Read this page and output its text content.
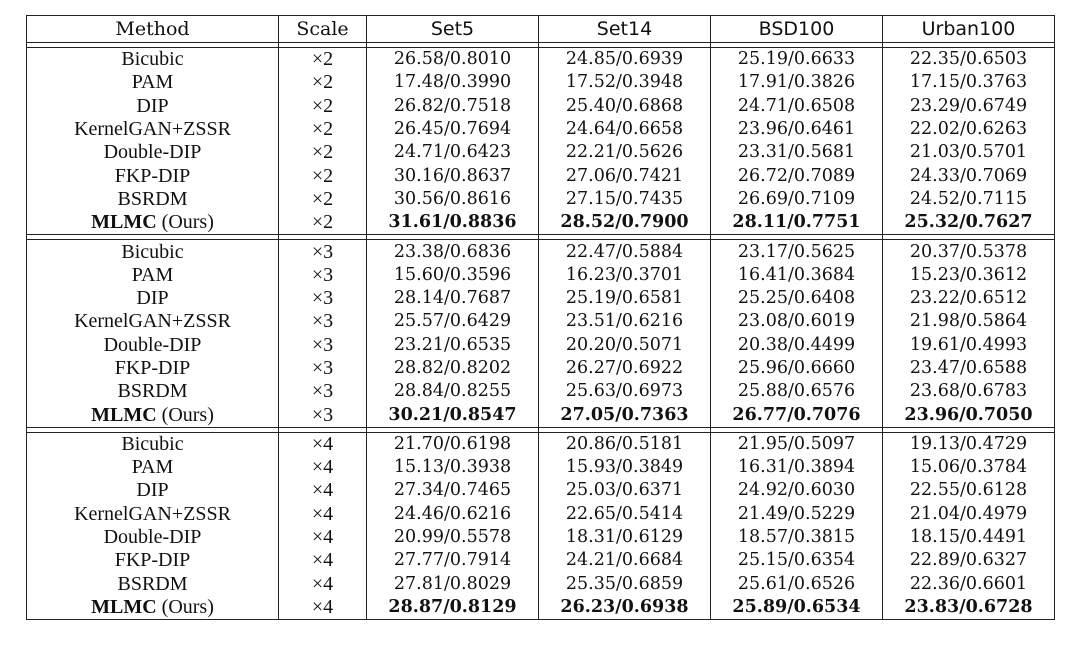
Method	Scale	Set5	Set14	BSD100	Urban100

Bicubic	×2	26.58/0.8010	24.85/0.6939	25.19/0.6633	22.35/0.6503
PAM	×2	17.48/0.3990	17.52/0.3948	17.91/0.3826	17.15/0.3763
DIP	×2	26.82/0.7518	25.40/0.6868	24.71/0.6508	23.29/0.6749
KernelGAN+ZSSR	×2	26.45/0.7694	24.64/0.6658	23.96/0.6461	22.02/0.6263
Double-DIP	×2	24.71/0.6423	22.21/0.5626	23.31/0.5681	21.03/0.5701
FKP-DIP	×2	30.16/0.8637	27.06/0.7421	26.72/0.7089	24.33/0.7069
BSRDM	×2	30.56/0.8616	27.15/0.7435	26.69/0.7109	24.52/0.7115
MLMC (Ours)	×2	31.61/0.8836	28.52/0.7900	28.11/0.7751	25.32/0.7627

Bicubic	×3	23.38/0.6836	22.47/0.5884	23.17/0.5625	20.37/0.5378
PAM	×3	15.60/0.3596	16.23/0.3701	16.41/0.3684	15.23/0.3612
DIP	×3	28.14/0.7687	25.19/0.6581	25.25/0.6408	23.22/0.6512
KernelGAN+ZSSR	×3	25.57/0.6429	23.51/0.6216	23.08/0.6019	21.98/0.5864
Double-DIP	×3	23.21/0.6535	20.20/0.5071	20.38/0.4499	19.61/0.4993
FKP-DIP	×3	28.82/0.8202	26.27/0.6922	25.96/0.6660	23.47/0.6588
BSRDM	×3	28.84/0.8255	25.63/0.6973	25.88/0.6576	23.68/0.6783
MLMC (Ours)	×3	30.21/0.8547	27.05/0.7363	26.77/0.7076	23.96/0.7050

Bicubic	×4	21.70/0.6198	20.86/0.5181	21.95/0.5097	19.13/0.4729
PAM	×4	15.13/0.3938	15.93/0.3849	16.31/0.3894	15.06/0.3784
DIP	×4	27.34/0.7465	25.03/0.6371	24.92/0.6030	22.55/0.6128
KernelGAN+ZSSR	×4	24.46/0.6216	22.65/0.5414	21.49/0.5229	21.04/0.4979
Double-DIP	×4	20.99/0.5578	18.31/0.6129	18.57/0.3815	18.15/0.4491
FKP-DIP	×4	27.77/0.7914	24.21/0.6684	25.15/0.6354	22.89/0.6327
BSRDM	×4	27.81/0.8029	25.35/0.6859	25.61/0.6526	22.36/0.6601
MLMC (Ours)	×4	28.87/0.8129	26.23/0.6938	25.89/0.6534	23.83/0.6728
